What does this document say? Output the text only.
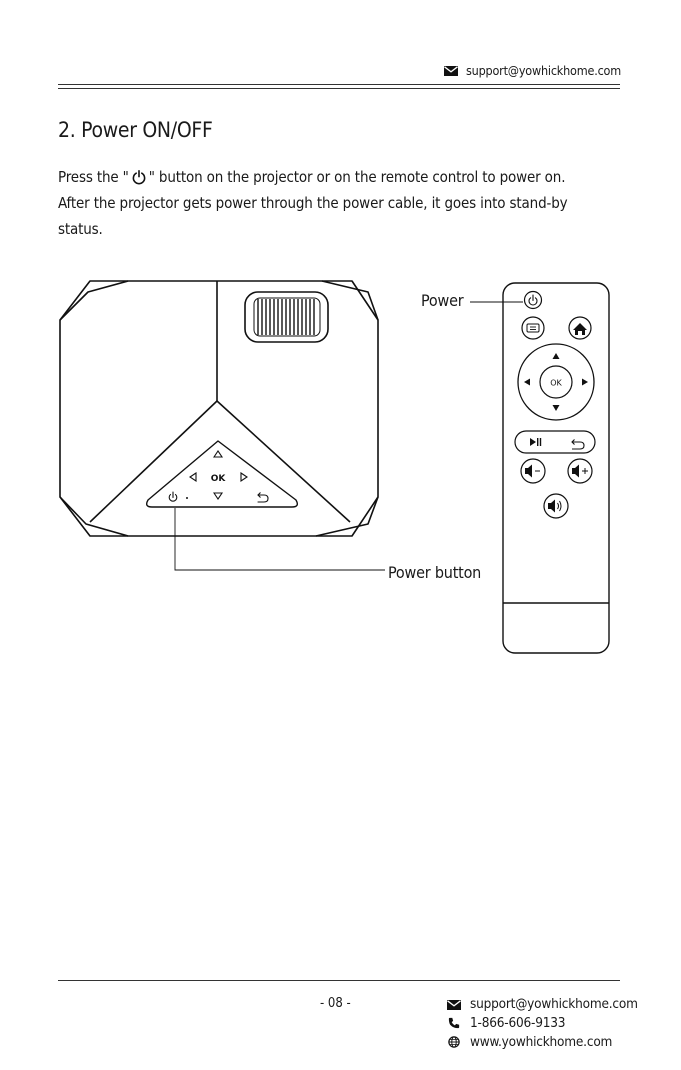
support@yowhickhome.com
2. Power ON/OFF
Press the " " button on the projector or on the remote control to power on.
After the projector gets power through the power cable, it goes into stand-by
status.
OK
OK
Power
Power button
- 08 -	support@yowhickhome.com
1-866-606-9133
www.yowhickhome.com
